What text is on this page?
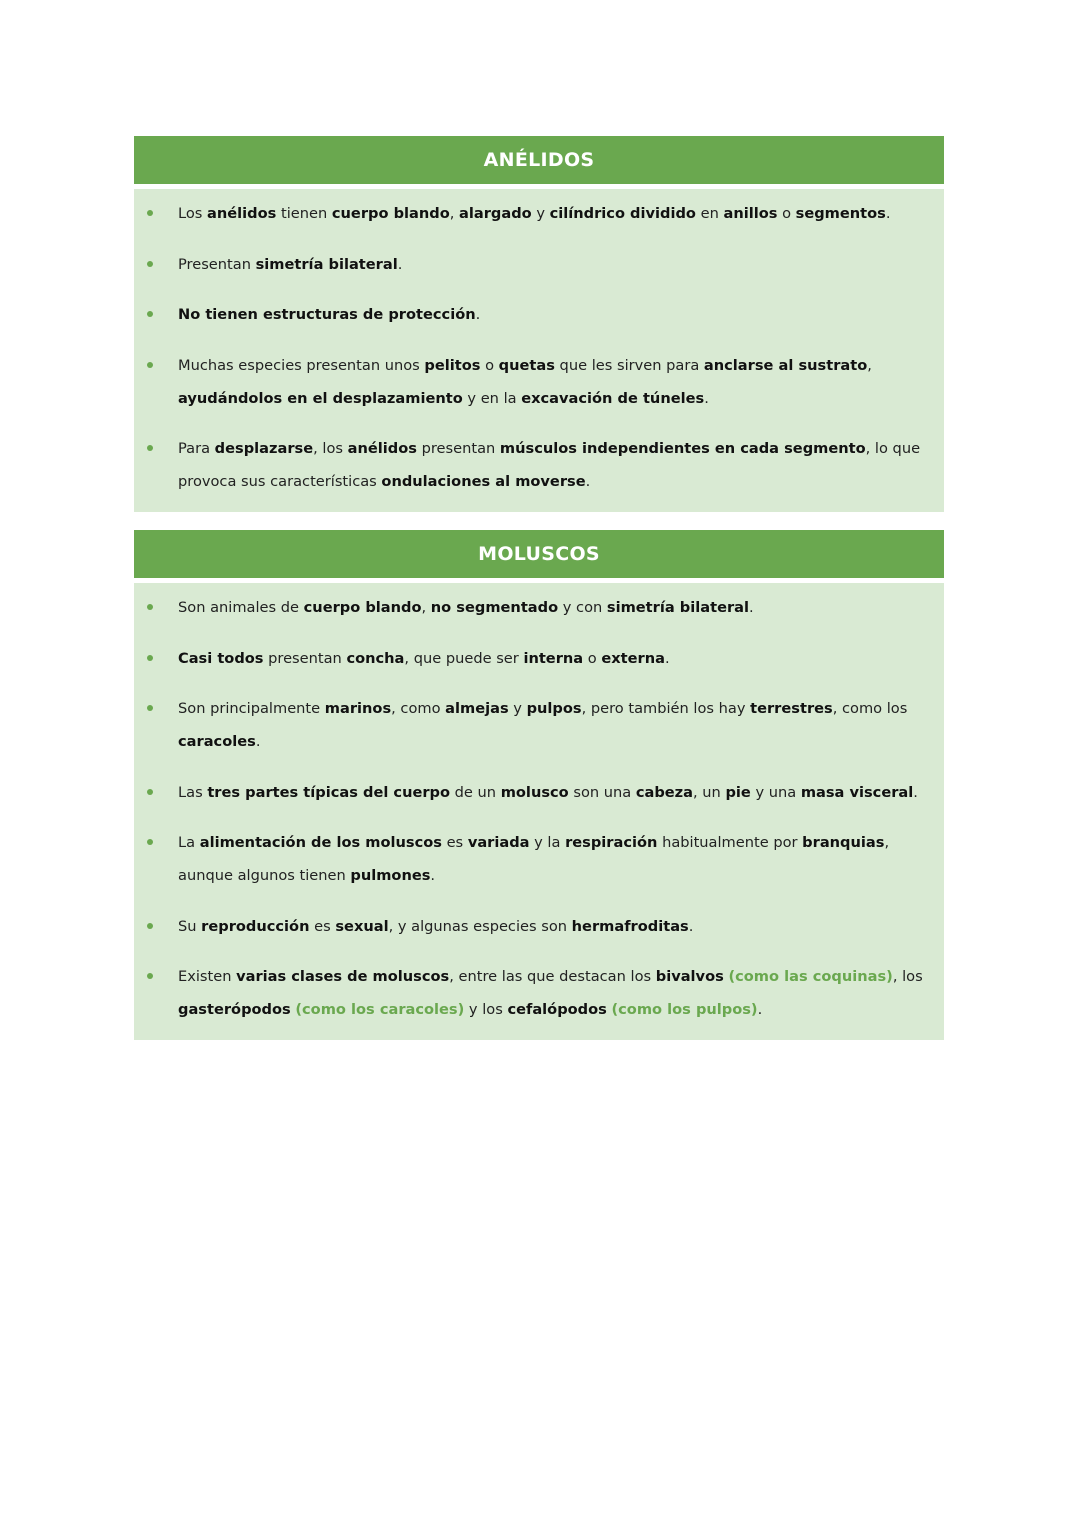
ANÉLIDOS
Los anélidos tienen cuerpo blando, alargado y cilíndrico dividido en anillos o segmentos.
Presentan simetría bilateral.
No tienen estructuras de protección.
Muchas especies presentan unos pelitos o quetas que les sirven para anclarse al sustrato, ayudándolos en el desplazamiento y en la excavación de túneles.
Para desplazarse, los anélidos presentan músculos independientes en cada segmento, lo que provoca sus características ondulaciones al moverse.
MOLUSCOS
Son animales de cuerpo blando, no segmentado y con simetría bilateral.
Casi todos presentan concha, que puede ser interna o externa.
Son principalmente marinos, como almejas y pulpos, pero también los hay terrestres, como los caracoles.
Las tres partes típicas del cuerpo de un molusco son una cabeza, un pie y una masa visceral.
La alimentación de los moluscos es variada y la respiración habitualmente por branquias, aunque algunos tienen pulmones.
Su reproducción es sexual, y algunas especies son hermafroditas.
Existen varias clases de moluscos, entre las que destacan los bivalvos (como las coquinas), los gasterópodos (como los caracoles) y los cefalópodos (como los pulpos).
